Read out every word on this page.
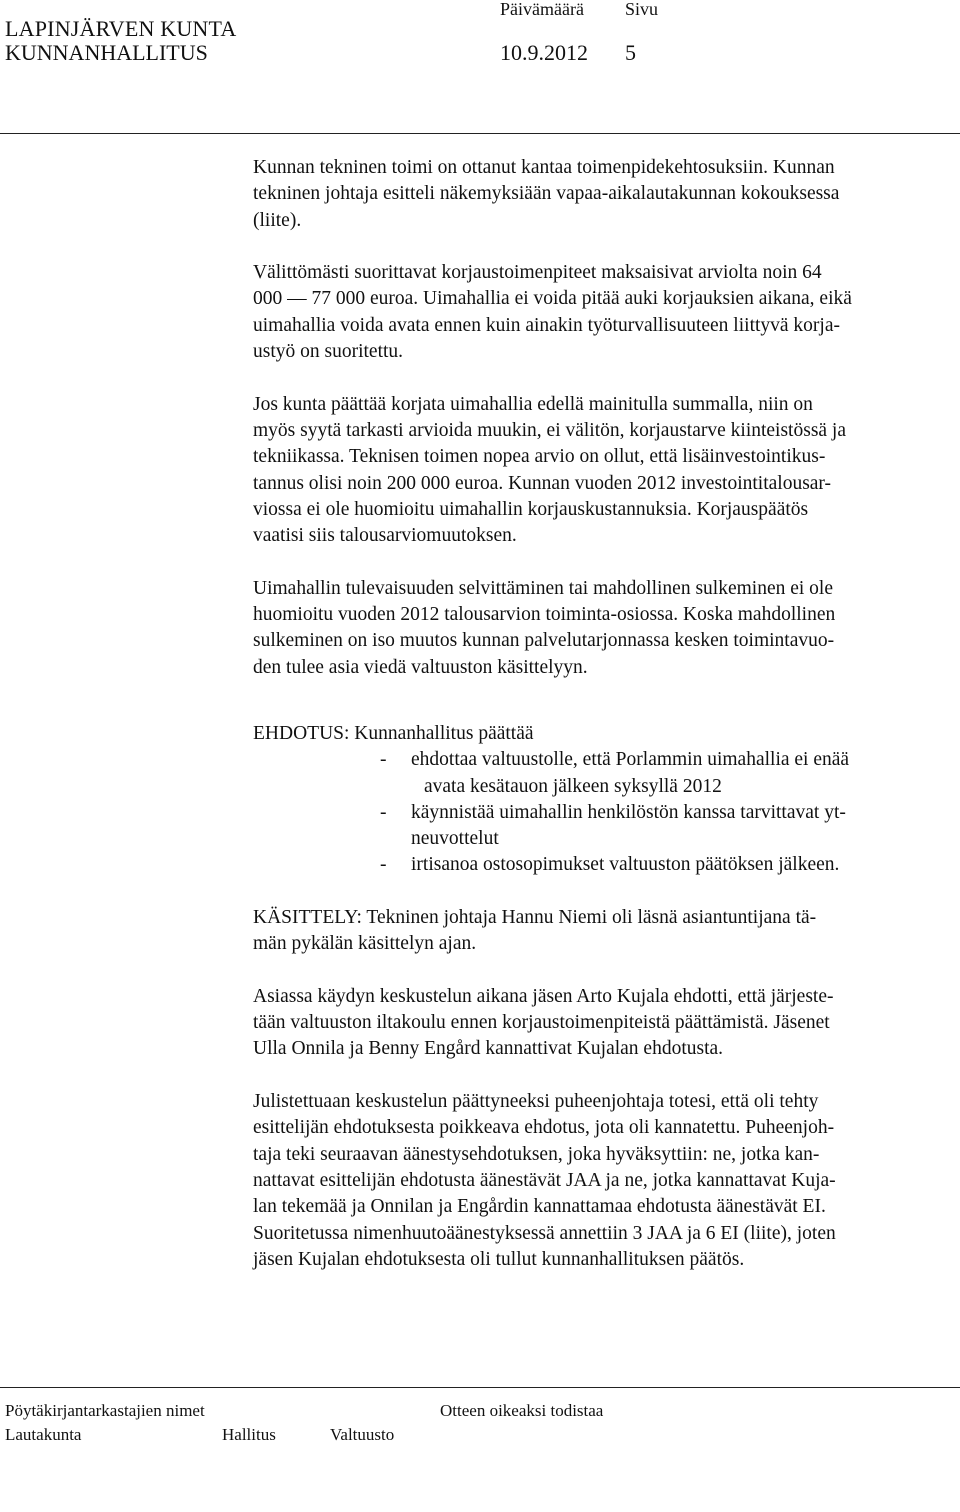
LAPINJÄRVEN KUNTA
KUNNANHALLITUS
Päivämäärä Sivu
10.9.2012 5

Kunnan tekninen toimi on ottanut kantaa toimenpidekehtosuksiin. Kunnan
tekninen johtaja esitteli näkemyksiään vapaa-aikalautakunnan kokouksessa
(liite).

Välittömästi suorittavat korjaustoimenpiteet maksaisivat arviolta noin 64
000 — 77 000 euroa. Uimahallia ei voida pitää auki korjauksien aikana, eikä
uimahallia voida avata ennen kuin ainakin työturvallisuuteen liittyvä korja-
ustyö on suoritettu.

Jos kunta päättää korjata uimahallia edellä mainitulla summalla, niin on
myös syytä tarkasti arvioida muukin, ei välitön, korjaustarve kiinteistössä ja
tekniikassa. Teknisen toimen nopea arvio on ollut, että lisäinvestointikus-
tannus olisi noin 200 000 euroa. Kunnan vuoden 2012 investointitalousar-
viossa ei ole huomioitu uimahallin korjauskustannuksia. Korjauspäätös
vaatisi siis talousarviomuutoksen.

Uimahallin tulevaisuuden selvittäminen tai mahdollinen sulkeminen ei ole
huomioitu vuoden 2012 talousarvion toiminta-osiossa. Koska mahdollinen
sulkeminen on iso muutos kunnan palvelutarjonnassa kesken toimintavuo-
den tulee asia viedä valtuuston käsittelyyn.

EHDOTUS: Kunnanhallitus päättää
-	ehdottaa valtuustolle, että Porlammin uimahallia ei enää
avata kesätauon jälkeen syksyllä 2012
-	käynnistää uimahallin henkilöstön kanssa tarvittavat yt-
neuvottelut
-	irtisanoa ostosopimukset valtuuston päätöksen jälkeen.

KÄSITTELY: Tekninen johtaja Hannu Niemi oli läsnä asiantuntijana tä-
män pykälän käsittelyn ajan.

Asiassa käydyn keskustelun aikana jäsen Arto Kujala ehdotti, että järjeste-
tään valtuuston iltakoulu ennen korjaustoimenpiteistä päättämistä. Jäsenet
Ulla Onnila ja Benny Engård kannattivat Kujalan ehdotusta.

Julistettuaan keskustelun päättyneeksi puheenjohtaja totesi, että oli tehty
esittelijän ehdotuksesta poikkeava ehdotus, jota oli kannatettu. Puheenjoh-
taja teki seuraavan äänestysehdotuksen, joka hyväksyttiin: ne, jotka kan-
nattavat esittelijän ehdotusta äänestävät JAA ja ne, jotka kannattavat Kuja-
lan tekemää ja Onnilan ja Engårdin kannattamaa ehdotusta äänestävät EI.
Suoritetussa nimenhuutoäänestyksessä annettiin 3 JAA ja 6 EI (liite), joten
jäsen Kujalan ehdotuksesta oli tullut kunnanhallituksen päätös.

Pöytäkirjantarkastajien nimet	Otteen oikeaksi todistaa
Lautakunta	Hallitus	Valtuusto
